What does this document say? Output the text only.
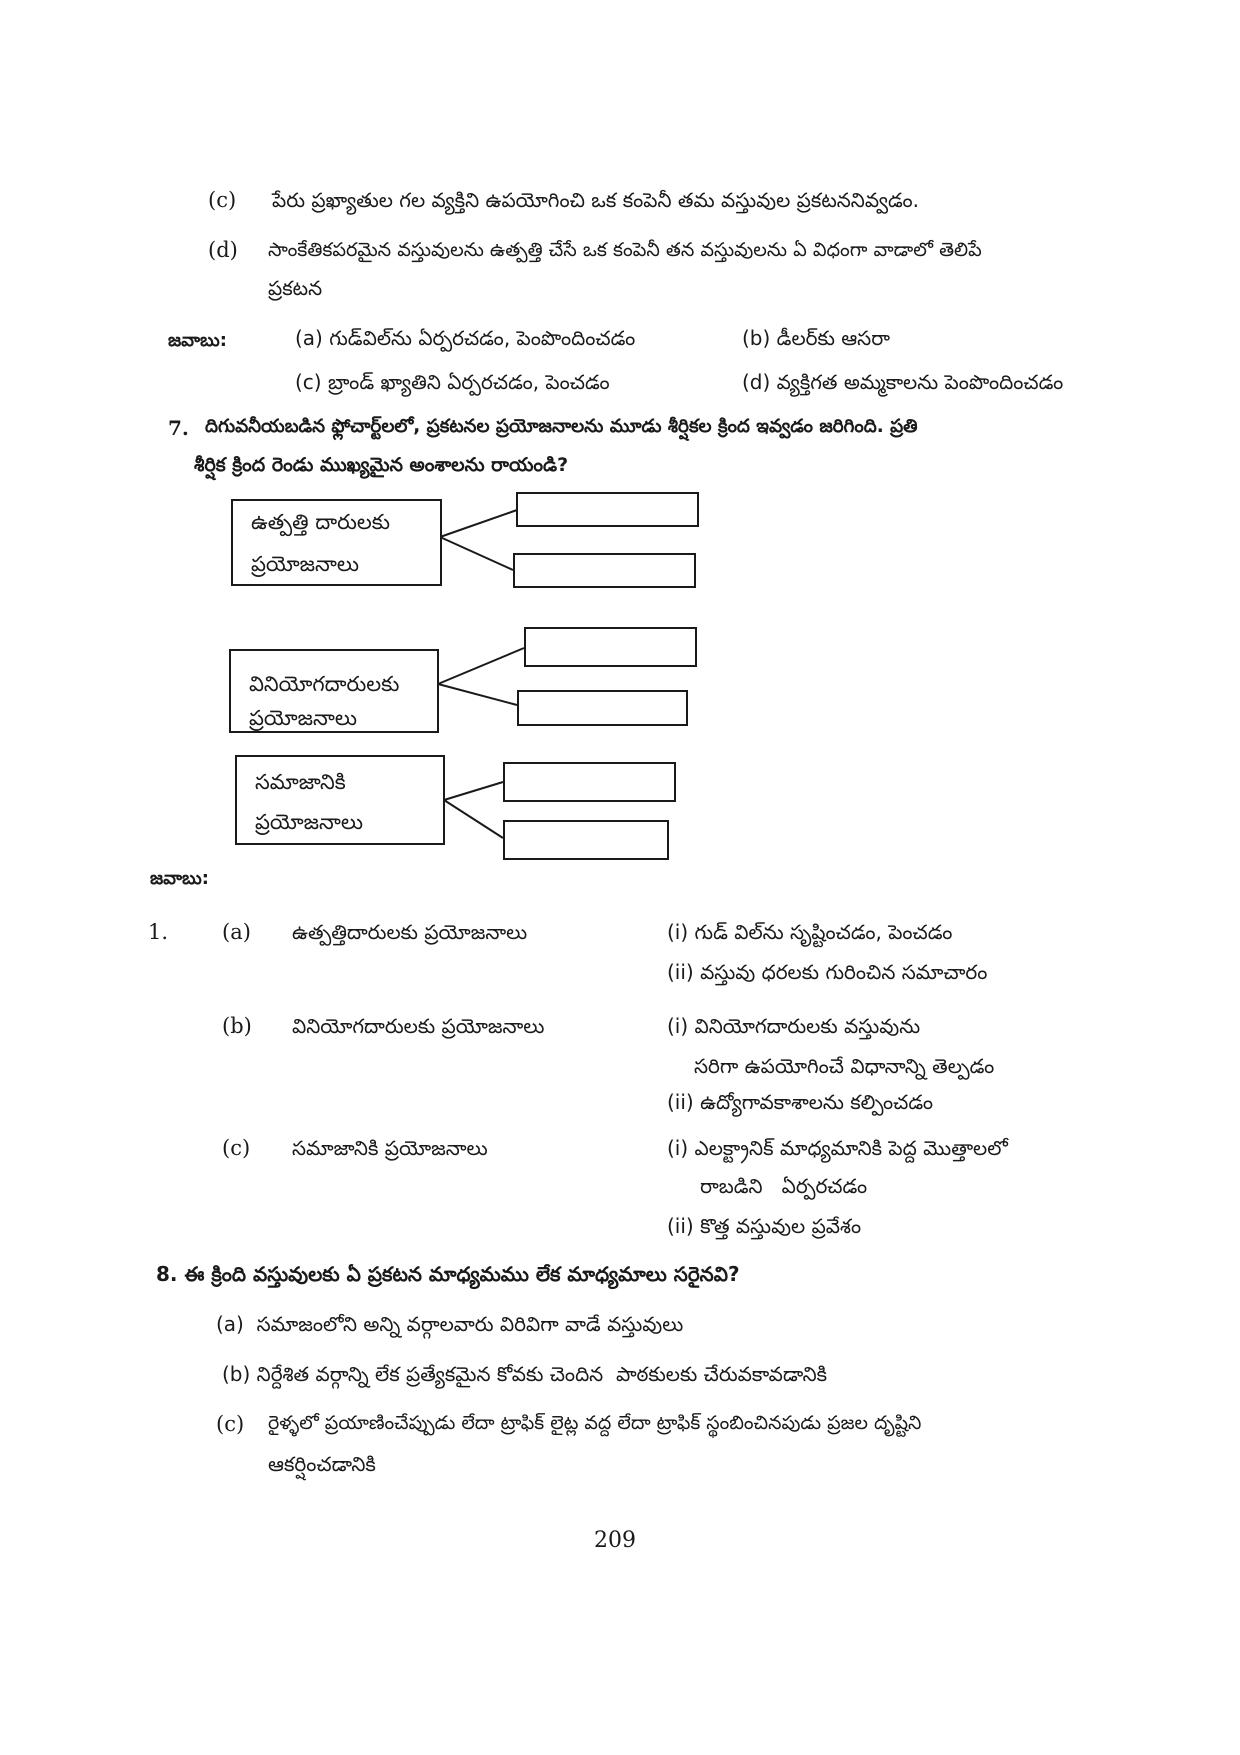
(c) పేరు ప్రఖ్యాతుల గల వ్యక్తిని ఉపయోగించి ఒక కంపెనీ తమ వస్తువుల ప్రకటననివ్వడం.
(d) సాంకేతికపరమైన వస్తువులను ఉత్పత్తి చేసే ఒక కంపెనీ తన వస్తువులను ఏ విధంగా వాడాలో తెలిపే
ప్రకటన
జవాబు:	(a) గుడ్‌విల్‌ను ఏర్పరచడం, పెంపొందించడం	(b) డీలర్‌కు ఆసరా
(c) బ్రాండ్ ఖ్యాతిని ఏర్పరచడం, పెంచడం	(d) వ్యక్తిగత అమ్మకాలను పెంపొందించడం
7. దిగువనీయబడిన ఫ్లోచార్ట్‌లలో, ప్రకటనల ప్రయోజనాలను మూడు శీర్షికల క్రింద ఇవ్వడం జరిగింది. ప్రతి
శీర్షిక క్రింద రెండు ముఖ్యమైన అంశాలను రాయండి?
ఉత్పత్తి దారులకు
ప్రయోజనాలు
వినియోగదారులకు
ప్రయోజనాలు
సమాజానికి
ప్రయోజనాలు
జవాబు:
1.	(a) ఉత్పత్తిదారులకు ప్రయోజనాలు	(i) గుడ్ విల్‌ను సృష్టించడం, పెంచడం
(ii) వస్తువు ధరలకు గురించిన సమాచారం
(b) వినియోగదారులకు ప్రయోజనాలు	(i) వినియోగదారులకు వస్తువును
సరిగా ఉపయోగించే విధానాన్ని తెల్పడం
(ii) ఉద్యోగావకాశాలను కల్పించడం
(c) సమాజానికి ప్రయోజనాలు	(i) ఎలక్ట్రానిక్ మాధ్యమానికి పెద్ద మొత్తాలలో
రాబడిని   ఏర్పరచడం
(ii) కొత్త వస్తువుల ప్రవేశం
8. ఈ క్రింది వస్తువులకు ఏ ప్రకటన మాధ్యమము లేక మాధ్యమాలు సరైనవి?
(a)  సమాజంలోని అన్ని వర్గాలవారు విరివిగా వాడే వస్తువులు
(b) నిర్దేశిత వర్గాన్ని లేక ప్రత్యేకమైన కోవకు చెందిన  పాఠకులకు చేరువకావడానికి
(c) రైళ్ళలో ప్రయాణించేప్పుడు లేదా ట్రాఫిక్ లైట్ల వద్ద లేదా ట్రాఫిక్ స్థంబించినపుడు ప్రజల దృష్టిని
ఆకర్షించడానికి
209
